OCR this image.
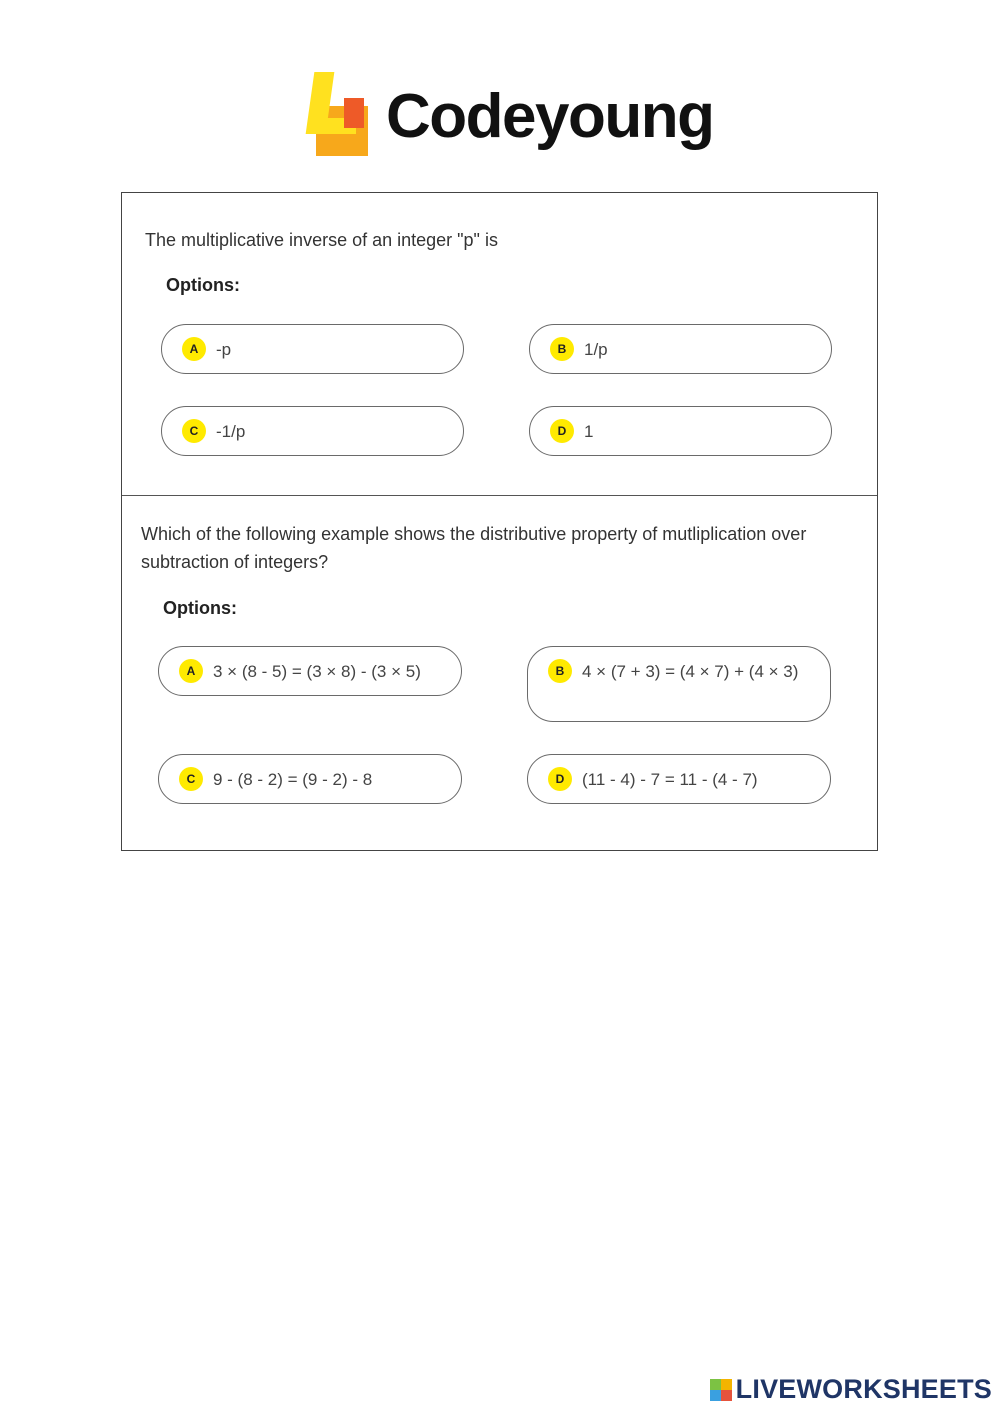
Codeyoung
The multiplicative inverse of an integer "p" is
Options:
A	-p	B	1/p
C	-1/p	D	1
Which of the following example shows the distributive property of mutliplication over subtraction of integers?
Options:
A	3 × (8 - 5) = (3 × 8) - (3 × 5)	B	4 × (7 + 3) = (4 × 7) + (4 × 3)
C	9 - (8 - 2) = (9 - 2) - 8	D	(11 - 4) - 7 = 11 - (4 - 7)
LIVEWORKSHEETS
